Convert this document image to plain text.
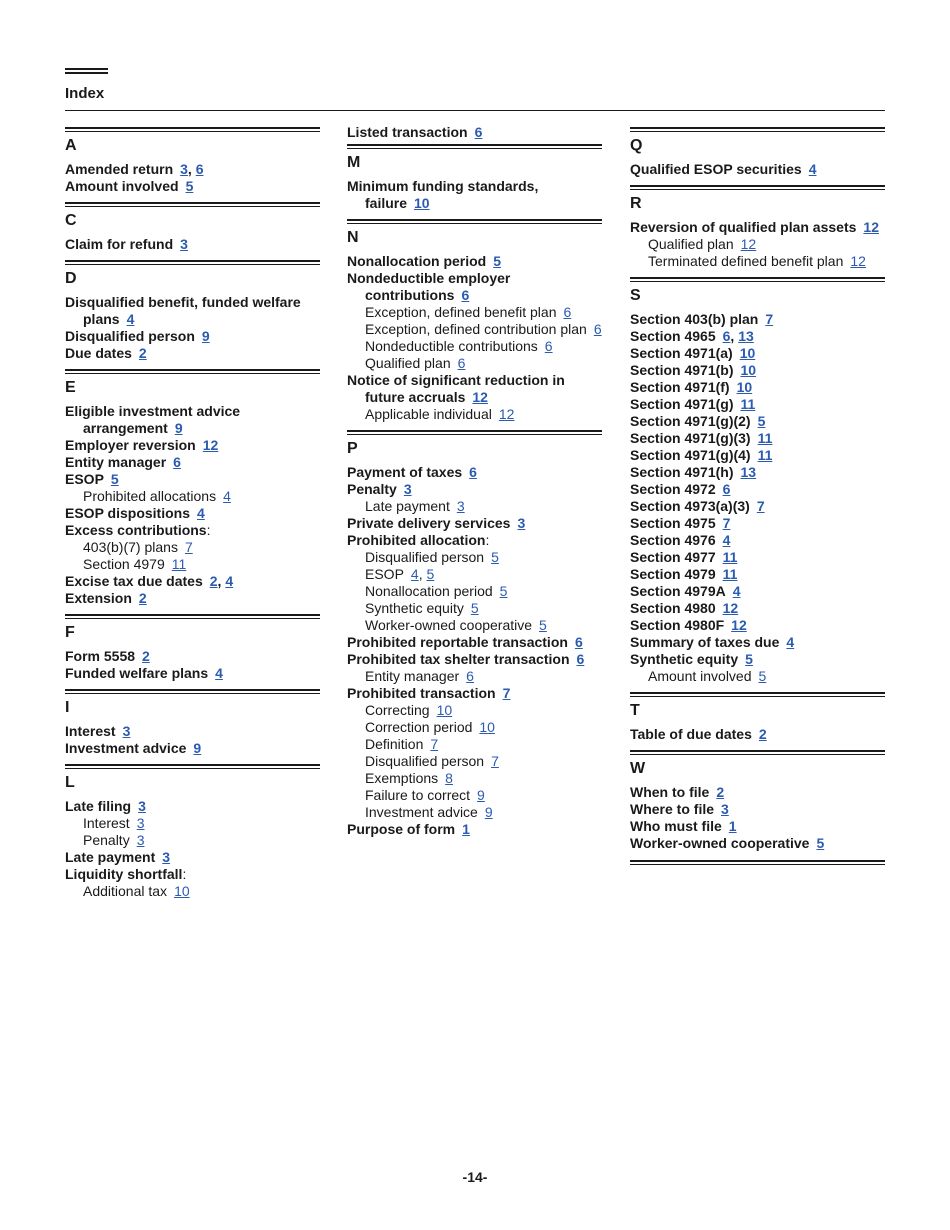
Index
A
Amended return 3, 6
Amount involved 5
C
Claim for refund 3
D
Disqualified benefit, funded welfare plans 4
Disqualified person 9
Due dates 2
E
Eligible investment advice arrangement 9
Employer reversion 12
Entity manager 6
ESOP 5
Prohibited allocations 4
ESOP dispositions 4
Excess contributions:
403(b)(7) plans 7
Section 4979 11
Excise tax due dates 2, 4
Extension 2
F
Form 5558 2
Funded welfare plans 4
I
Interest 3
Investment advice 9
L
Late filing 3
Interest 3
Penalty 3
Late payment 3
Liquidity shortfall:
Additional tax 10
Listed transaction 6
M
Minimum funding standards, failure 10
N
Nonallocation period 5
Nondeductible employer contributions 6
Exception, defined benefit plan 6
Exception, defined contribution plan 6
Nondeductible contributions 6
Qualified plan 6
Notice of significant reduction in future accruals 12
Applicable individual 12
P
Payment of taxes 6
Penalty 3
Late payment 3
Private delivery services 3
Prohibited allocation:
Disqualified person 5
ESOP 4, 5
Nonallocation period 5
Synthetic equity 5
Worker-owned cooperative 5
Prohibited reportable transaction 6
Prohibited tax shelter transaction 6
Entity manager 6
Prohibited transaction 7
Correcting 10
Correction period 10
Definition 7
Disqualified person 7
Exemptions 8
Failure to correct 9
Investment advice 9
Purpose of form 1
Q
Qualified ESOP securities 4
R
Reversion of qualified plan assets 12
Qualified plan 12
Terminated defined benefit plan 12
S
Section 403(b) plan 7
Section 4965 6, 13
Section 4971(a) 10
Section 4971(b) 10
Section 4971(f) 10
Section 4971(g) 11
Section 4971(g)(2) 5
Section 4971(g)(3) 11
Section 4971(g)(4) 11
Section 4971(h) 13
Section 4972 6
Section 4973(a)(3) 7
Section 4975 7
Section 4976 4
Section 4977 11
Section 4979 11
Section 4979A 4
Section 4980 12
Section 4980F 12
Summary of taxes due 4
Synthetic equity 5
Amount involved 5
T
Table of due dates 2
W
When to file 2
Where to file 3
Who must file 1
Worker-owned cooperative 5
-14-
